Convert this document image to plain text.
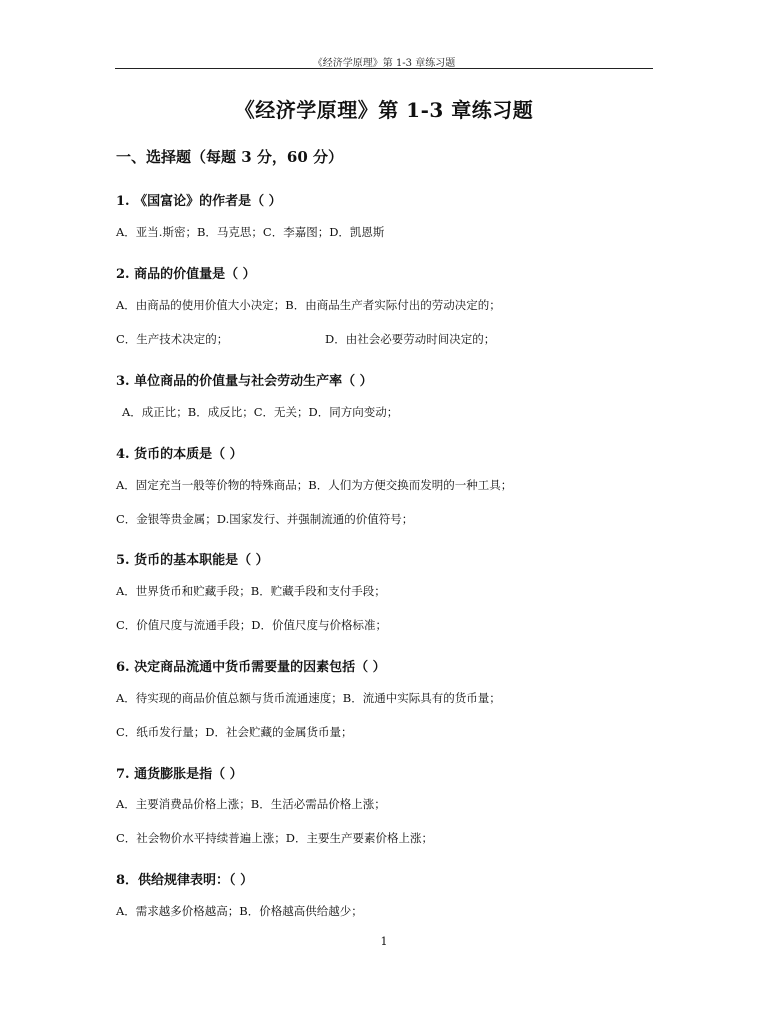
《经济学原理》第 1-3 章练习题
《经济学原理》第 1-3 章练习题
一、选择题（每题 3 分，60 分）
1. 《国富论》的作者是（ ）
A．亚当.斯密；B．马克思；C．李嘉图；D．凯恩斯
2. 商品的价值量是（ ）
A．由商品的使用价值大小决定；B．由商品生产者实际付出的劳动决定的；
C．生产技术决定的；	D．由社会必要劳动时间决定的；
3. 单位商品的价值量与社会劳动生产率（ ）
A．成正比；B．成反比；C．无关；D．同方向变动；
4. 货币的本质是（ ）
A．固定充当一般等价物的特殊商品；B．人们为方便交换而发明的一种工具；
C．金银等贵金属；D.国家发行、并强制流通的价值符号；
5. 货币的基本职能是（ ）
A．世界货币和贮藏手段；B．贮藏手段和支付手段；
C．价值尺度与流通手段；D．价值尺度与价格标准；
6. 决定商品流通中货币需要量的因素包括（ ）
A．待实现的商品价值总额与货币流通速度；B．流通中实际具有的货币量；
C．纸币发行量；D．社会贮藏的金属货币量；
7. 通货膨胀是指（ ）
A．主要消费品价格上涨；B．生活必需品价格上涨；
C．社会物价水平持续普遍上涨；D．主要生产要素价格上涨；
8．供给规律表明：（ ）
A．需求越多价格越高；B．价格越高供给越少；
1
